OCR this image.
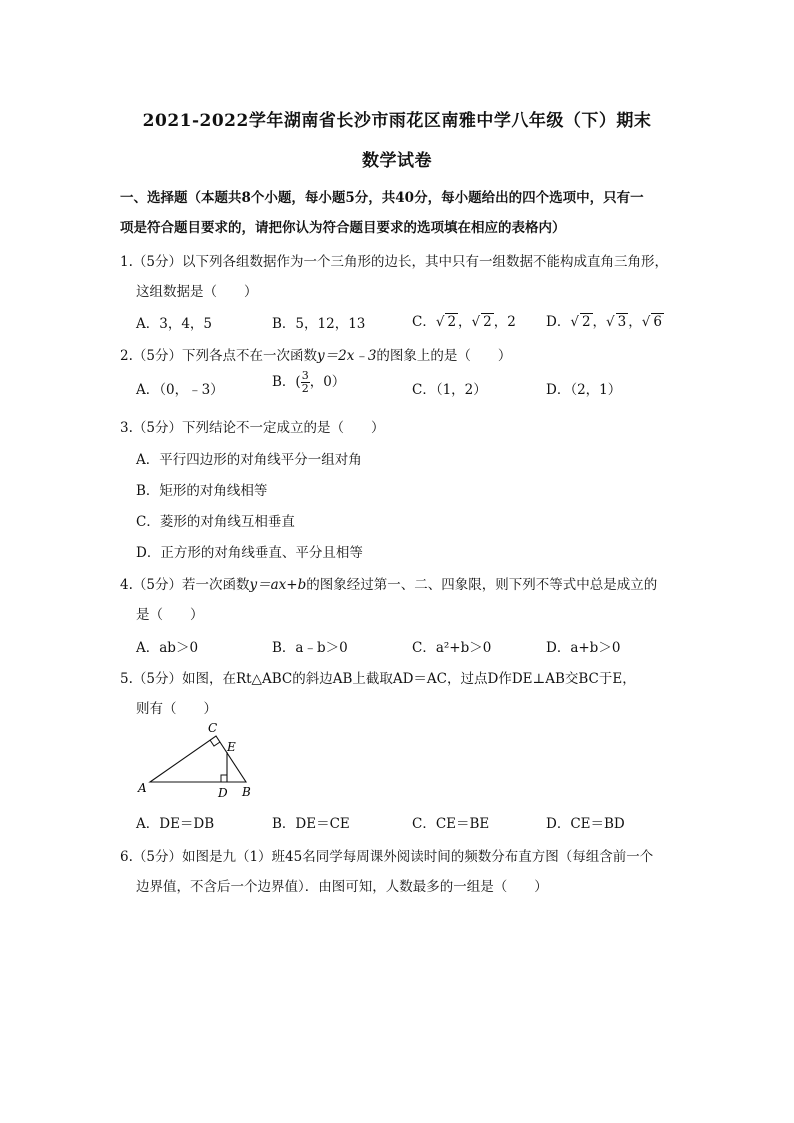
2021-2022学年湖南省长沙市雨花区南雅中学八年级（下）期末
数学试卷
一、选择题（本题共8个小题，每小题5分，共40分，每小题给出的四个选项中，只有一
项是符合题目要求的，请把你认为符合题目要求的选项填在相应的表格内）
1.（5分）以下列各组数据作为一个三角形的边长，其中只有一组数据不能构成直角三角形，
这组数据是（　　）
A．3，4，5	B．5，12，13	C．√ 2 ，√ 2 ，2 D．√ 2 ，√ 3 ，√ 6
2.（5分）下列各点不在一次函数y＝2x﹣3的图象上的是（　　）
A．（0，﹣3）	B．( $\frac{3}{2}$ ，0）	C．（1，2）	D．（2，1）
3.（5分）下列结论不一定成立的是（　　）
A．平行四边形的对角线平分一组对角
B．矩形的对角线相等
C．菱形的对角线互相垂直
D．正方形的对角线垂直、平分且相等
4.（5分）若一次函数y＝ax+b的图象经过第一、二、四象限，则下列不等式中总是成立的
是（　　）
A．ab＞0	B．a﹣b＞0	C．a²+b＞0	D．a+b＞0
5.（5分）如图，在Rt△ABC的斜边AB上截取AD＝AC，过点D作DE⊥AB交BC于E，
则有（　　）
A	B
C
D
E
A．DE＝DB	B．DE＝CE	C．CE＝BE	D．CE＝BD
6.（5分）如图是九（1）班45名同学每周课外阅读时间的频数分布直方图（每组含前一个
边界值，不含后一个边界值）．由图可知，人数最多的一组是（　　）
